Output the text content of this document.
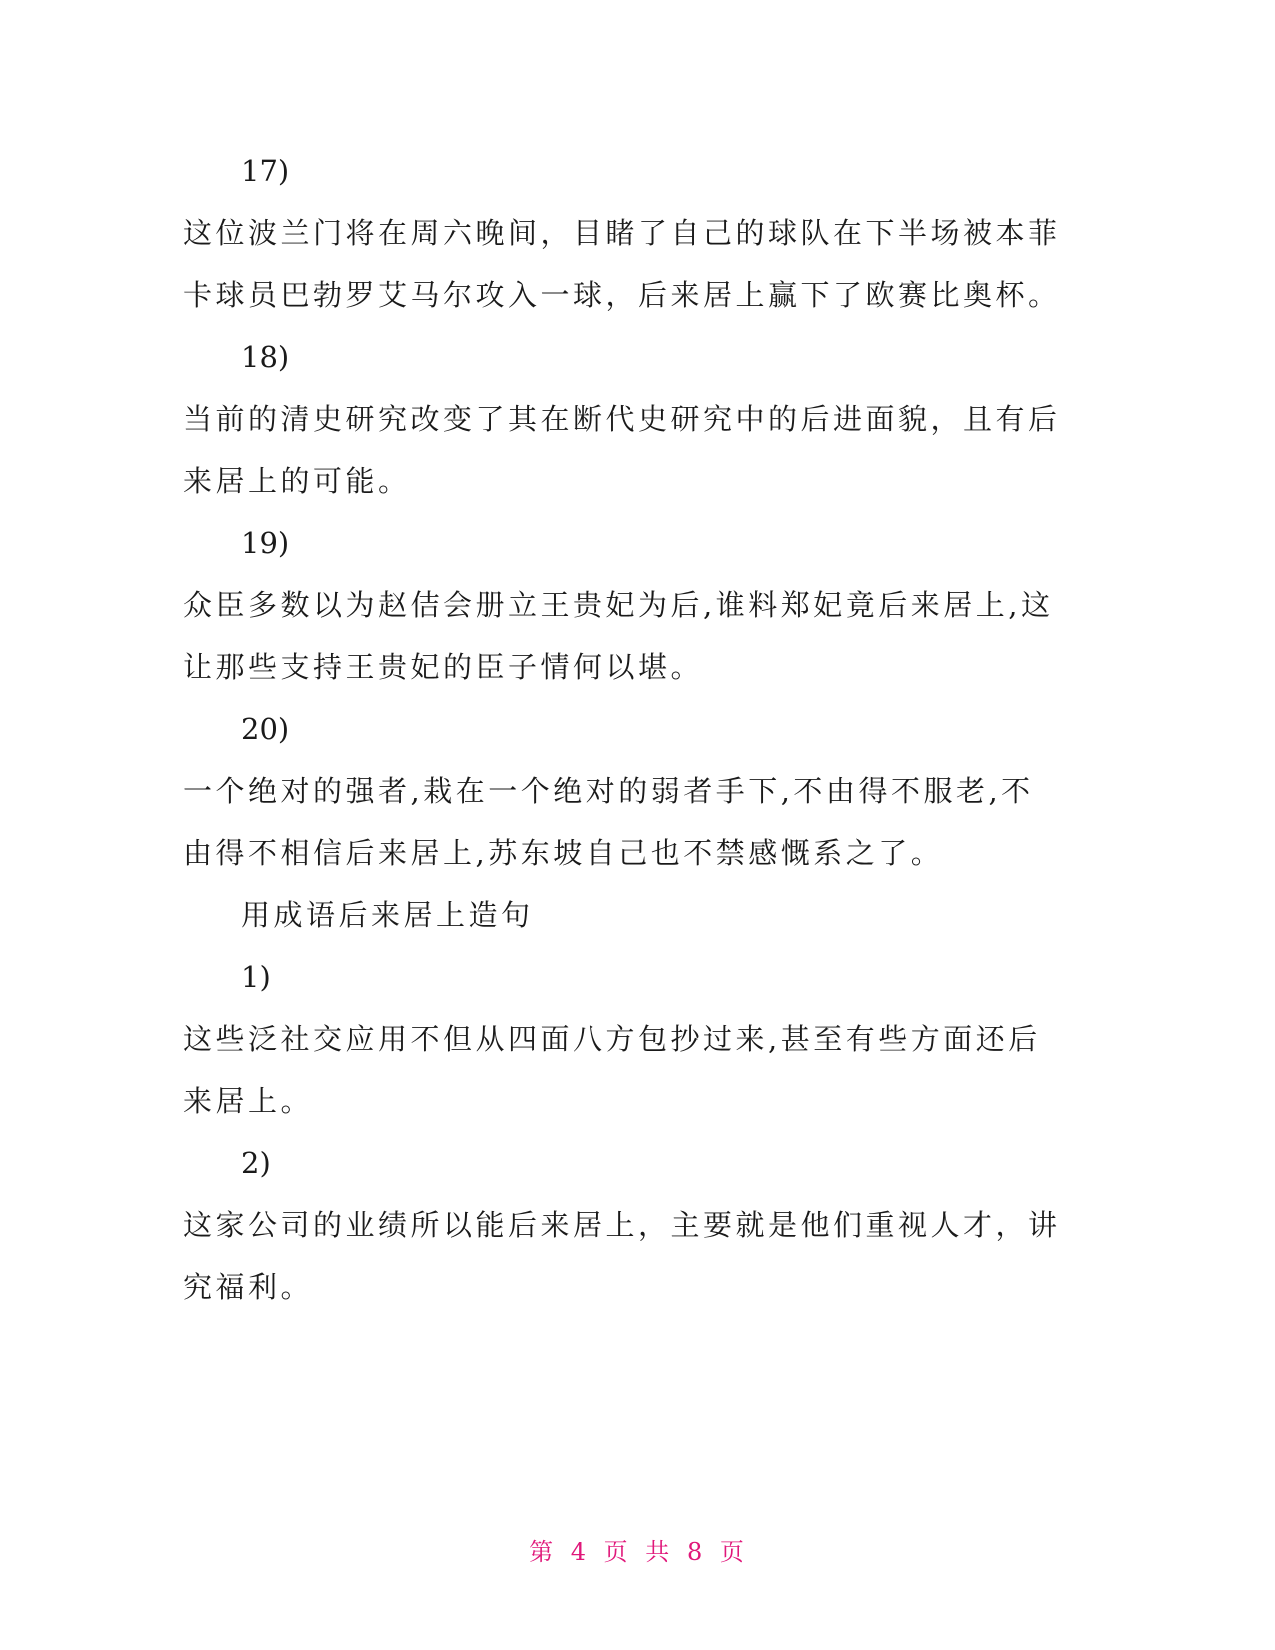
17)
这位波兰门将在周六晚间，目睹了自己的球队在下半场被本菲
卡球员巴勃罗艾马尔攻入一球，后来居上赢下了欧赛比奥杯。
18)
当前的清史研究改变了其在断代史研究中的后进面貌，且有后
来居上的可能。
19)
众臣多数以为赵佶会册立王贵妃为后,谁料郑妃竟后来居上,这
让那些支持王贵妃的臣子情何以堪。
20)
一个绝对的强者,栽在一个绝对的弱者手下,不由得不服老,不
由得不相信后来居上,苏东坡自己也不禁感慨系之了。
用成语后来居上造句
1)
这些泛社交应用不但从四面八方包抄过来,甚至有些方面还后
来居上。
2)
这家公司的业绩所以能后来居上，主要就是他们重视人才，讲
究福利。
第 4 页 共 8 页
